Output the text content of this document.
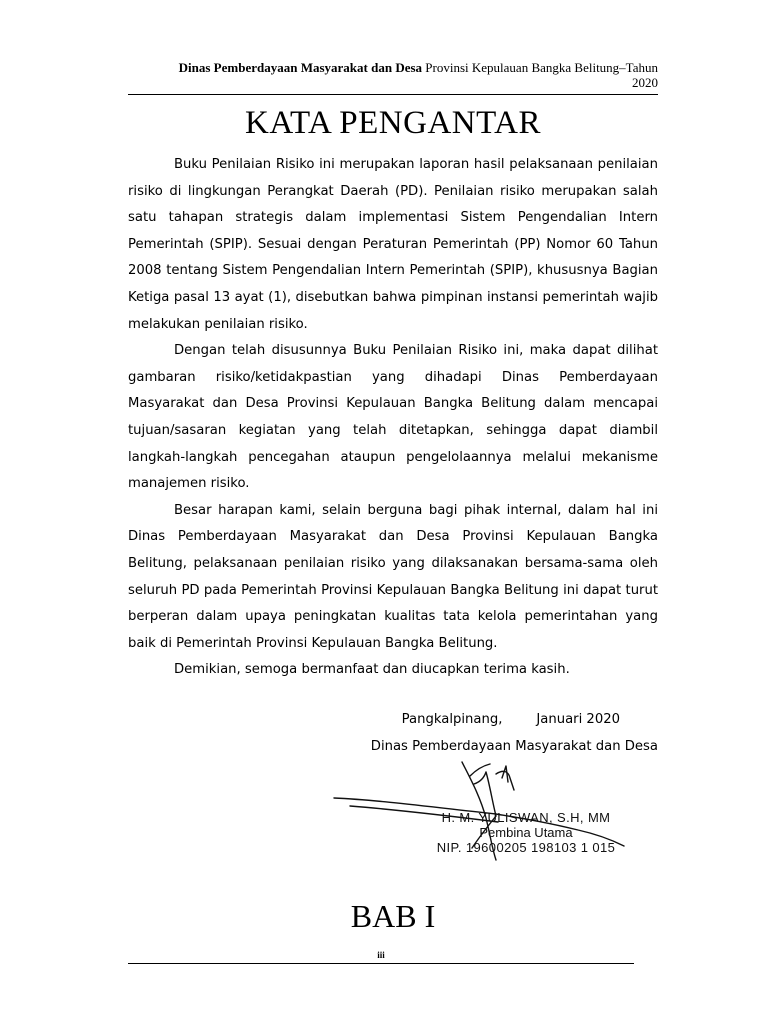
Dinas Pemberdayaan Masyarakat dan Desa Provinsi Kepulauan Bangka Belitung–Tahun
2020
KATA PENGANTAR

Buku Penilaian Risiko ini merupakan laporan hasil pelaksanaan penilaian risiko di lingkungan Perangkat Daerah (PD). Penilaian risiko merupakan salah satu tahapan strategis dalam implementasi Sistem Pengendalian Intern Pemerintah (SPIP). Sesuai dengan Peraturan Pemerintah (PP) Nomor 60 Tahun 2008 tentang Sistem Pengendalian Intern Pemerintah (SPIP), khususnya Bagian Ketiga pasal 13 ayat (1), disebutkan bahwa pimpinan instansi pemerintah wajib melakukan penilaian risiko.

Dengan telah disusunnya Buku Penilaian Risiko ini, maka dapat dilihat gambaran risiko/ketidakpastian yang dihadapi Dinas Pemberdayaan Masyarakat dan Desa Provinsi Kepulauan Bangka Belitung dalam mencapai tujuan/sasaran kegiatan yang telah ditetapkan, sehingga dapat diambil langkah-langkah pencegahan ataupun pengelolaannya melalui mekanisme manajemen risiko.

Besar harapan kami, selain berguna bagi pihak internal, dalam hal ini Dinas Pemberdayaan Masyarakat dan Desa Provinsi Kepulauan Bangka Belitung, pelaksanaan penilaian risiko yang dilaksanakan bersama-sama oleh seluruh PD pada Pemerintah Provinsi Kepulauan Bangka Belitung ini dapat turut berperan dalam upaya peningkatan kualitas tata kelola pemerintahan yang baik di Pemerintah Provinsi Kepulauan Bangka Belitung.

Demikian, semoga bermanfaat dan diucapkan terima kasih.

Pangkalpinang,	Januari 2020
Dinas Pemberdayaan Masyarakat dan Desa
H. M. YULISWAN, S.H, MM
Pembina Utama
NIP. 19600205 198103 1 015
BAB I
iii
